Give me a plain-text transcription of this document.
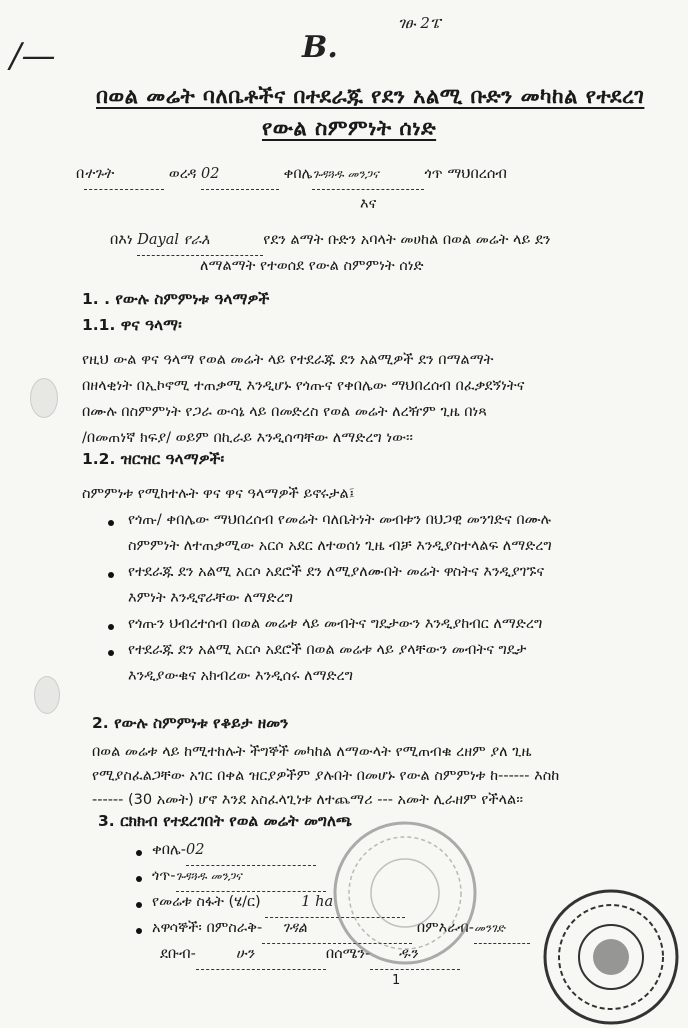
/—	B.
ገፁ 2ፔ
በወል መሬት ባለቤቶችና በተደራጁ የደን አልሚ ቡድን መካከል የተደረገ
የውል ስምምነት ሰነድ
በተጉት	ወረዳ 02	ቀበሌጉዳጓዱ መንጋና	ጎጥ ማህበረሰብ
እና
በእነ Dayal የራእ	የደን ልማት ቡድን አባላት መሀከል በወል መሬት ላይ ደን
ለማልማት የተወሰደ የውል ስምምነት ሰነድ
1. . የውሉ ስምምነቱ ዓላማዎች
1.1. ዋና ዓላማ፡
የዚህ ውል ዋና ዓላማ የወል መሬት ላይ የተደራጁ ደን አልሚዎች ደን በማልማት
በዘላቂነት በኢኮኖሚ ተጠቃሚ እንዲሆኑ የጎጡና የቀበሌው ማህበረሰብ በፈቃደኝነትና
በሙሉ በስምምነት የጋራ ውሳኔ ላይ በመድረስ የወል መሬት ለረዥም ጊዜ በነጻ
/በመጠነኛ ክፍያ/ ወይም በኪራይ እንዲሰጣቸው ለማድረግ ነው፡፡
1.2. ዝርዝር ዓላማዎች፡
ስምምነቱ የሚከተሉት ዋና ዋና ዓላማዎች ይኖሩታል፤
የጎጡ/ ቀበሌው ማህበረሰብ የመሬት ባለቤትነት መብቱን በህጋዊ መንገድና በሙሉ
ስምምነት ለተጠቃሚው አርሶ አደር ለተወሰነ ጊዜ ብቻ እንዲያስተላልፍ ለማድረግ
የተደራጁ ደን አልሚ አርሶ አደሮች ደን ለሚያለሙበት መሬት ዋስትና እንዲያገኙና
እምነት እንዲኖራቸው ለማድረግ
የጎጡን ህብረተሰብ በወል መሬቱ ላይ መብትና ግዴታውን እንዲያከብር ለማድረግ
የተደራጁ ደን አልሚ አርሶ አደሮች በወል መሬቱ ላይ ያላቸውን መብትና ግዴታ
እንዲያውቁና አክብረው እንዲሰሩ ለማድረግ
2. የውሉ ስምምነቱ የቆይታ ዘመን
በወል መሬቱ ላይ ከሚተከሉት ችግኞች መካከል ለማውላት የሚጠብቁ ረዘም ያለ ጊዜ
የሚያስፈልጋቸው አገር በቀል ዝርያዎችም ያሉበት በመሆኑ የውል ስምምነቱ ከ------ እስከ
------ (30 አመት) ሆኖ እንደ አስፈላጊነቱ ለተጨማሪ --- አመት ሊራዘም የችላል፡፡
3. ርክክብ የተደረገበት የወል መሬት መግለጫ
ቀበሌ-02
ጎጥ-ጉዳጓዱ መንጋና
የመሬቱ ስፋት (ሄ/ር)	1 ha
አዋሳኞች፡ በምስራቅ- ገዳል	በምእራብ-መንገድ
ደቡብ-	ሁን	በሰሜን- ዱን
1
